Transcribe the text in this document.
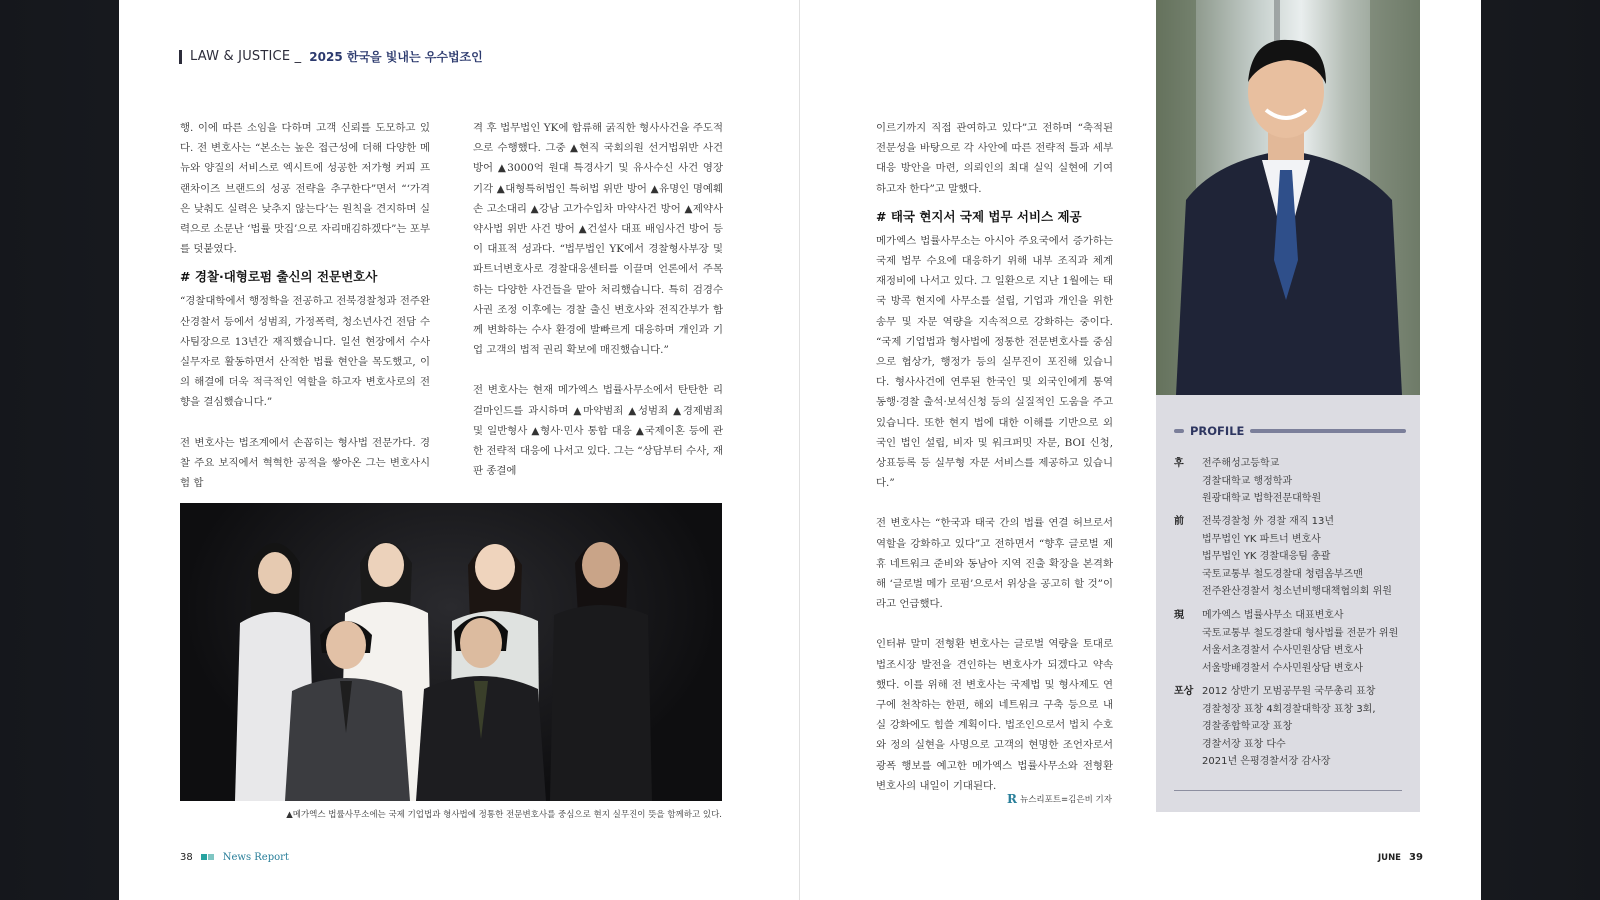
LAW & JUSTICE _ 2025 한국을 빛내는 우수법조인

행. 이에 따른 소임을 다하며 고객 신뢰를 도모하고 있다. 전 변호사는 “본소는 높은 접근성에 더해 다양한 메뉴와 양질의 서비스로 엑시트에 성공한 저가형 커피 프랜차이즈 브랜드의 성공 전략을 추구한다”면서 “‘가격은 낮춰도 실력은 낮추지 않는다’는 원칙을 견지하며 실력으로 소문난 ‘법률 맛집’으로 자리매김하겠다”는 포부를 덧붙였다.

# 경찰·대형로펌 출신의 전문변호사

“경찰대학에서 행정학을 전공하고 전북경찰청과 전주완산경찰서 등에서 성범죄, 가정폭력, 청소년사건 전담 수사팀장으로 13년간 재직했습니다. 일선 현장에서 수사 실무자로 활동하면서 산적한 법률 현안을 목도했고, 이의 해결에 더욱 적극적인 역할을 하고자 변호사로의 전향을 결심했습니다.”

전 변호사는 법조계에서 손꼽히는 형사법 전문가다. 경찰 주요 보직에서 혁혁한 공적을 쌓아온 그는 변호사시험 합

격 후 법무법인 YK에 합류해 굵직한 형사사건을 주도적으로 수행했다. 그중 ▲현직 국회의원 선거법위반 사건 방어 ▲3000억 원대 특경사기 및 유사수신 사건 영장 기각 ▲대형특허법인 특허법 위반 방어 ▲유명인 명예훼손 고소대리 ▲강남 고가수입차 마약사건 방어 ▲제약사 약사법 위반 사건 방어 ▲건설사 대표 배임사건 방어 등이 대표적 성과다. “법무법인 YK에서 경찰형사부장 및 파트너변호사로 경찰대응센터를 이끌며 언론에서 주목하는 다양한 사건들을 맡아 처리했습니다. 특히 검경수사권 조정 이후에는 경찰 출신 변호사와 전직간부가 함께 변화하는 수사 환경에 발빠르게 대응하며 개인과 기업 고객의 법적 권리 확보에 매진했습니다.”

전 변호사는 현재 메가엑스 법률사무소에서 탄탄한 리걸마인드를 과시하며 ▲마약범죄 ▲성범죄 ▲경제범죄 및 일반형사 ▲형사·민사 통합 대응 ▲국제이혼 등에 관한 전략적 대응에 나서고 있다. 그는 “상담부터 수사, 재판 종결에

▲메가엑스 법률사무소에는 국제 기업법과 형사법에 정통한 전문변호사를 중심으로 현지 실무진이 뜻을 함께하고 있다.
38	News Report

이르기까지 직접 관여하고 있다”고 전하며 “축적된 전문성을 바탕으로 각 사안에 따른 전략적 틀과 세부 대응 방안을 마련, 의뢰인의 최대 실익 실현에 기여하고자 한다”고 말했다.

# 태국 현지서 국제 법무 서비스 제공

메가엑스 법률사무소는 아시아 주요국에서 증가하는 국제 법무 수요에 대응하기 위해 내부 조직과 체계 재정비에 나서고 있다. 그 일환으로 지난 1월에는 태국 방콕 현지에 사무소를 설립, 기업과 개인을 위한 송무 및 자문 역량을 지속적으로 강화하는 중이다. “국제 기업법과 형사법에 정통한 전문변호사를 중심으로 협상가, 행정가 등의 실무진이 포진해 있습니다. 형사사건에 연루된 한국인 및 외국인에게 통역 동행·경찰 출석·보석신청 등의 실질적인 도움을 주고 있습니다. 또한 현지 법에 대한 이해를 기반으로 외국인 법인 설립, 비자 및 워크퍼밋 자문, BOI 신청, 상표등록 등 실무형 자문 서비스를 제공하고 있습니다.”

전 변호사는 “한국과 태국 간의 법률 연결 허브로서 역할을 강화하고 있다”고 전하면서 “향후 글로벌 제휴 네트워크 준비와 동남아 지역 진출 확장을 본격화해 ‘글로벌 메가 로펌’으로서 위상을 공고히 할 것”이라고 언급했다.

인터뷰 말미 전형환 변호사는 글로벌 역량을 토대로 법조시장 발전을 견인하는 변호사가 되겠다고 약속했다. 이를 위해 전 변호사는 국제법 및 형사제도 연구에 천착하는 한편, 해외 네트워크 구축 등으로 내실 강화에도 힘쓸 계획이다. 법조인으로서 법치 수호와 정의 실현을 사명으로 고객의 현명한 조언자로서 광폭 행보를 예고한 메가엑스 법률사무소와 전형환 변호사의 내일이 기대된다.

R 뉴스리포트=김은비 기자
PROFILE
후 전주해성고등학교
경찰대학교 행정학과
원광대학교 법학전문대학원
前 전북경찰청 外 경찰 재직 13년
법무법인 YK 파트너 변호사
법무법인 YK 경찰대응팀 총괄
국토교통부 철도경찰대 청렴옴부즈맨
전주완산경찰서 청소년비행대책협의회 위원
現 메가엑스 법률사무소 대표변호사
국토교통부 철도경찰대 형사법률 전문가 위원
서울서초경찰서 수사민원상담 변호사
서울방배경찰서 수사민원상담 변호사
포상 2012 상반기 모범공무원 국무총리 표창
경찰청장 표창 4회경찰대학장 표창 3회,
경찰종합학교장 표창
경찰서장 표창 다수
2021년 은평경찰서장 감사장
JUNE 39
